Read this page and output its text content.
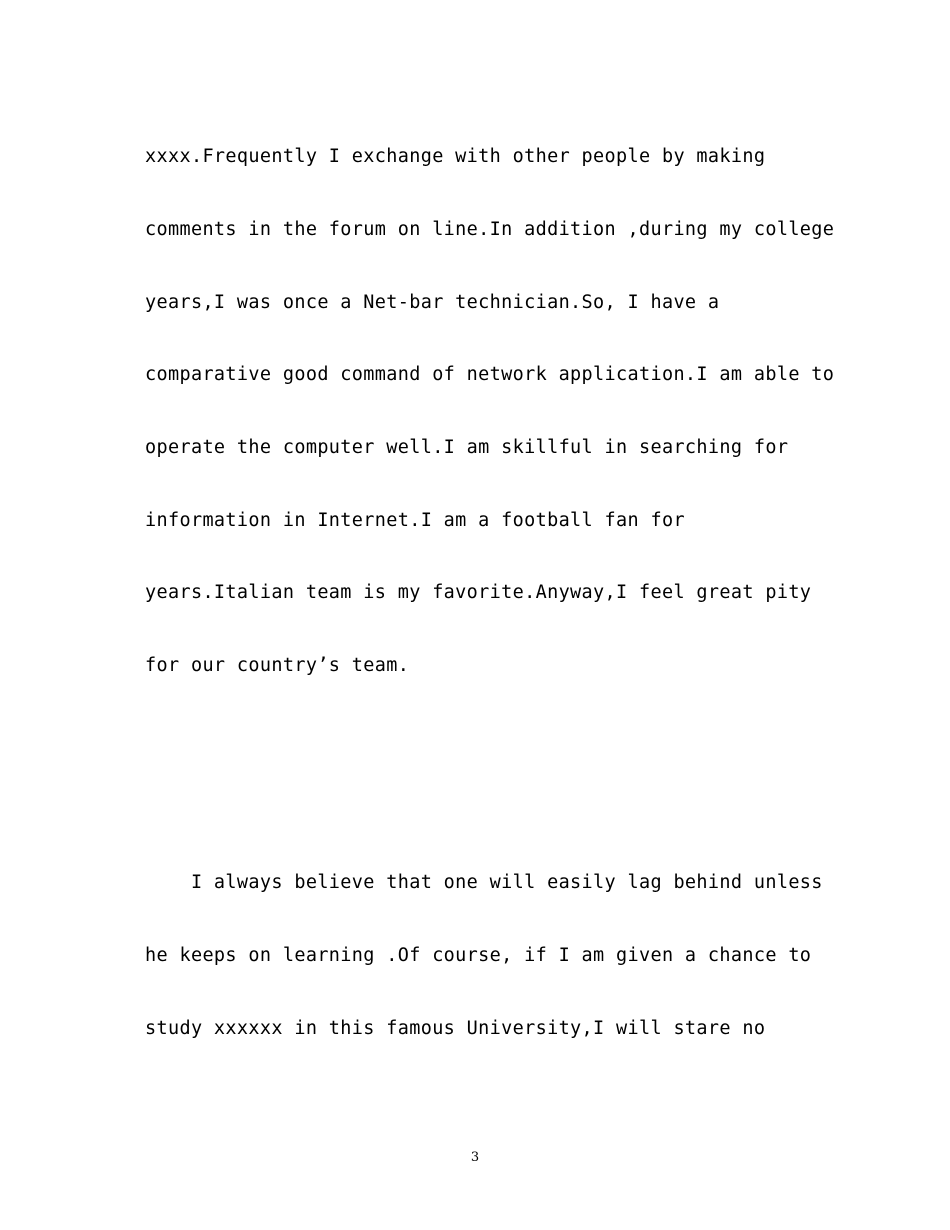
xxxx.Frequently I exchange with other people by making
comments in the forum on line.In addition ,during my college
years,I was once a Net-bar technician.So, I have a
comparative good command of network application.I am able to
operate the computer well.I am skillful in searching for
information in Internet.I am a football fan for
years.Italian team is my favorite.Anyway,I feel great pity
for our country’s team.
I always believe that one will easily lag behind unless
he keeps on learning .Of course, if I am given a chance to
study xxxxxx in this famous University,I will stare no
3
